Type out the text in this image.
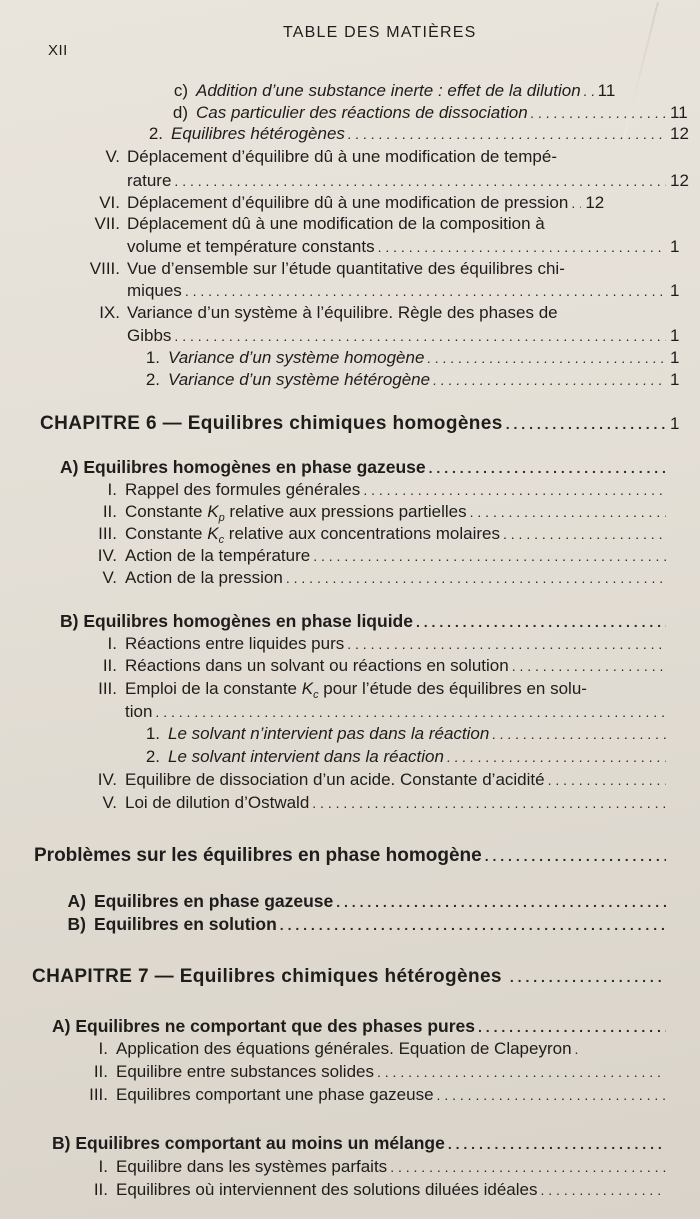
XII
TABLE DES MATIÈRES
c) Addition d’une substance inerte : effet de la dilution . . . 11
d) Cas particulier des réactions de dissociation . . .	11
2. Equilibres hétérogènes . . .	12
V. Déplacement d’équilibre dû à une modification de tempé-
rature . . .	12
VI. Déplacement d’équilibre dû à une modification de pression . . . 12
VII. Déplacement dû à une modification de la composition à
volume et température constants . . .	1
VIII. Vue d’ensemble sur l’étude quantitative des équilibres chi-
miques . . .	1
IX. Variance d’un système à l’équilibre. Règle des phases de
Gibbs . . .	1
1. Variance d’un système homogène . . .	1
2. Variance d’un système hétérogène . . .	1
CHAPITRE 6 — Equilibres chimiques homogènes . . .	1
A) Equilibres homogènes en phase gazeuse
. . .
I. Rappel des formules générales
. . .
II. Constante $K_p$ relative aux pressions partielles
. . .
III. Constante $K_c$ relative aux concentrations molaires
. . .
IV. Action de la température
. . .
V. Action de la pression
. . .
B) Equilibres homogènes en phase liquide
. . .
I. Réactions entre liquides purs
. . .
II. Réactions dans un solvant ou réactions en solution
. . .
III. Emploi de la constante $K_c$ pour l’étude des équilibres en solu-
tion
. . .
1. Le solvant n’intervient pas dans la réaction
. . .
2. Le solvant intervient dans la réaction
. . .
IV. Equilibre de dissociation d’un acide. Constante d’acidité
. . .
V. Loi de dilution d’Ostwald
. . .
Problèmes sur les équilibres en phase homogène
. . .
A) Equilibres en phase gazeuse
. . .
B) Equilibres en solution
. . .
CHAPITRE 7 — Equilibres chimiques hétérogènes
. . .
A) Equilibres ne comportant que des phases pures
. . .
I. Application des équations générales. Equation de Clapeyron
. . .
II. Equilibre entre substances solides
. . .
III. Equilibres comportant une phase gazeuse
. . .
B) Equilibres comportant au moins un mélange
. . .
I. Equilibre dans les systèmes parfaits
. . .
II. Equilibres où interviennent des solutions diluées idéales
. . .
